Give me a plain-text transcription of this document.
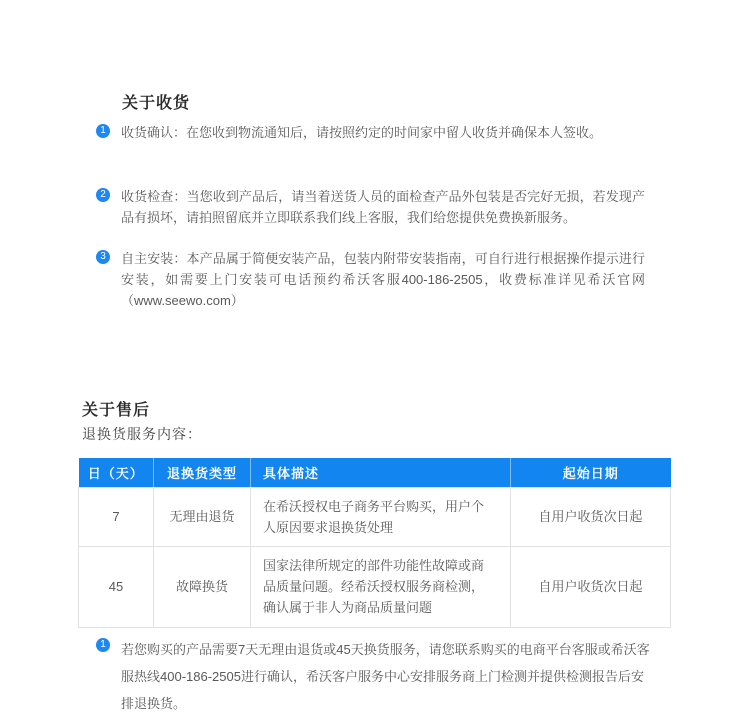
关于收货
1	收货确认：在您收到物流通知后，请按照约定的时间家中留人收货并确保本人签收。

2	收货检查：当您收到产品后，请当着送货人员的面检查产品外包装是否完好无损，若发现产品有损坏，请拍照留底并立即联系我们线上客服，我们给您提供免费换新服务。

3	自主安装：本产品属于简便安装产品，包装内附带安装指南，可自行进行根据操作提示进行安装，如需要上门安装可电话预约希沃客服400-186-2505，收费标准详见希沃官网（www.seewo.com）

关于售后
退换货服务内容：
日（天）	退换货类型	具体描述	起始日期
7	无理由退货	在希沃授权电子商务平台购买，用户个人原因要求退换货处理	自用户收货次日起
45	故障换货	国家法律所规定的部件功能性故障或商品质量问题。经希沃授权服务商检测，确认属于非人为商品质量问题	自用户收货次日起
1	若您购买的产品需要7天无理由退货或45天换货服务，请您联系购买的电商平台客服或希沃客服热线400-186-2505进行确认，希沃客户服务中心安排服务商上门检测并提供检测报告后安排退换货。
